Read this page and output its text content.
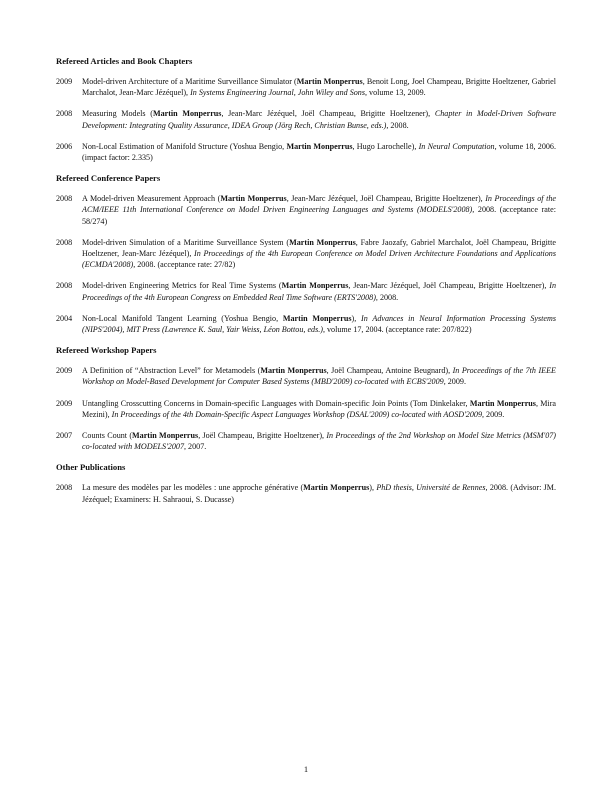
Refereed Articles and Book Chapters
2009	Model-driven Architecture of a Maritime Surveillance Simulator (Martin Monperrus, Benoit Long, Joel Champeau, Brigitte Hoeltzener, Gabriel Marchalot, Jean-Marc Jézéquel), In Systems Engineering Journal, John Wiley and Sons, volume 13, 2009.
2008	Measuring Models (Martin Monperrus, Jean-Marc Jézéquel, Joël Champeau, Brigitte Hoeltzener), Chapter in Model-Driven Software Development: Integrating Quality Assurance, IDEA Group (Jörg Rech, Christian Bunse, eds.), 2008.
2006	Non-Local Estimation of Manifold Structure (Yoshua Bengio, Martin Monperrus, Hugo Larochelle), In Neural Computation, volume 18, 2006. (impact factor: 2.335)
Refereed Conference Papers
2008	A Model-driven Measurement Approach (Martin Monperrus, Jean-Marc Jézéquel, Joël Champeau, Brigitte Hoeltzener), In Proceedings of the ACM/IEEE 11th International Conference on Model Driven Engineering Languages and Systems (MODELS'2008), 2008. (acceptance rate: 58/274)
2008	Model-driven Simulation of a Maritime Surveillance System (Martin Monperrus, Fabre Jaozafy, Gabriel Marchalot, Joël Champeau, Brigitte Hoeltzener, Jean-Marc Jézéquel), In Proceedings of the 4th European Conference on Model Driven Architecture Foundations and Applications (ECMDA'2008), 2008. (acceptance rate: 27/82)
2008	Model-driven Engineering Metrics for Real Time Systems (Martin Monperrus, Jean-Marc Jézéquel, Joël Champeau, Brigitte Hoeltzener), In Proceedings of the 4th European Congress on Embedded Real Time Software (ERTS'2008), 2008.
2004	Non-Local Manifold Tangent Learning (Yoshua Bengio, Martin Monperrus), In Advances in Neural Information Processing Systems (NIPS'2004), MIT Press (Lawrence K. Saul, Yair Weiss, Léon Bottou, eds.), volume 17, 2004. (acceptance rate: 207/822)
Refereed Workshop Papers
2009	A Definition of “Abstraction Level” for Metamodels (Martin Monperrus, Joël Champeau, Antoine Beugnard), In Proceedings of the 7th IEEE Workshop on Model-Based Development for Computer Based Systems (MBD'2009) co-located with ECBS'2009, 2009.
2009	Untangling Crosscutting Concerns in Domain-specific Languages with Domain-specific Join Points (Tom Dinkelaker, Martin Monperrus, Mira Mezini), In Proceedings of the 4th Domain-Specific Aspect Languages Workshop (DSAL'2009) co-located with AOSD'2009, 2009.
2007	Counts Count (Martin Monperrus, Joël Champeau, Brigitte Hoeltzener), In Proceedings of the 2nd Workshop on Model Size Metrics (MSM'07) co-located with MODELS'2007, 2007.
Other Publications
2008	La mesure des modèles par les modèles : une approche générative (Martin Monperrus), PhD thesis, Université de Rennes, 2008. (Advisor: JM. Jézéquel; Examiners: H. Sahraoui, S. Ducasse)
1
